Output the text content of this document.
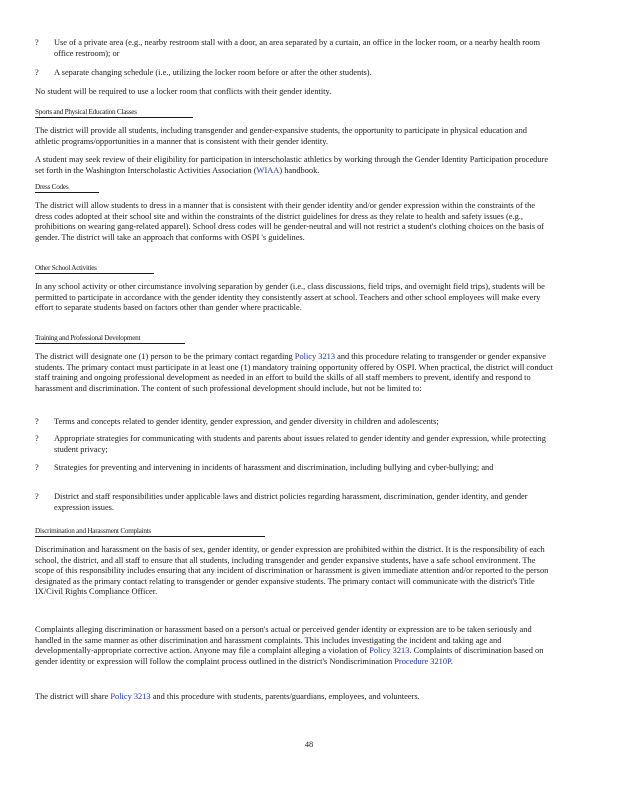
?	Use of a private area (e.g., nearby restroom stall with a door, an area separated by a curtain, an office in the locker room, or a nearby health room office restroom); or

?	A separate changing schedule (i.e., utilizing the locker room before or after the other students).

No student will be required to use a locker room that conflicts with their gender identity.

Sports and Physical Education Classes

The district will provide all students, including transgender and gender-expansive students, the opportunity to participate in physical education and athletic programs/opportunities in a manner that is consistent with their gender identity.

A student may seek review of their eligibility for participation in interscholastic athletics by working through the Gender Identity Participation procedure set forth in the Washington Interscholastic Activities Association (WIAA) handbook.

Dress Codes

The district will allow students to dress in a manner that is consistent with their gender identity and/or gender expression within the constraints of the dress codes adopted at their school site and within the constraints of the district guidelines for dress as they relate to health and safety issues (e.g., prohibitions on wearing gang-related apparel). School dress codes will be gender-neutral and will not restrict a student's clothing choices on the basis of gender. The district will take an approach that conforms with OSPI 's guidelines.

Other School Activities

In any school activity or other circumstance involving separation by gender (i.e., class discussions, field trips, and overnight field trips), students will be permitted to participate in accordance with the gender identity they consistently assert at school. Teachers and other school employees will make every effort to separate students based on factors other than gender where practicable.

Training and Professional Development

The district will designate one (1) person to be the primary contact regarding Policy 3213 and this procedure relating to transgender or gender expansive students. The primary contact must participate in at least one (1) mandatory training opportunity offered by OSPI. When practical, the district will conduct staff training and ongoing professional development as needed in an effort to build the skills of all staff members to prevent, identify and respond to harassment and discrimination. The content of such professional development should include, but not be limited to:

?	Terms and concepts related to gender identity, gender expression, and gender diversity in children and adolescents;

?	Appropriate strategies for communicating with students and parents about issues related to gender identity and gender expression, while protecting student privacy;

?	Strategies for preventing and intervening in incidents of harassment and discrimination, including bullying and cyber-bullying; and

?	District and staff responsibilities under applicable laws and district policies regarding harassment, discrimination, gender identity, and gender expression issues.

Discrimination and Harassment Complaints

Discrimination and harassment on the basis of sex, gender identity, or gender expression are prohibited within the district. It is the responsibility of each school, the district, and all staff to ensure that all students, including transgender and gender expansive students, have a safe school environment. The scope of this responsibility includes ensuring that any incident of discrimination or harassment is given immediate attention and/or reported to the person designated as the primary contact relating to transgender or gender expansive students. The primary contact will communicate with the district's Title IX/Civil Rights Compliance Officer.

Complaints alleging discrimination or harassment based on a person's actual or perceived gender identity or expression are to be taken seriously and handled in the same manner as other discrimination and harassment complaints. This includes investigating the incident and taking age and developmentally-appropriate corrective action. Anyone may file a complaint alleging a violation of Policy 3213. Complaints of discrimination based on gender identity or expression will follow the complaint process outlined in the district's Nondiscrimination Procedure 3210P.

The district will share Policy 3213 and this procedure with students, parents/guardians, employees, and volunteers.

48
